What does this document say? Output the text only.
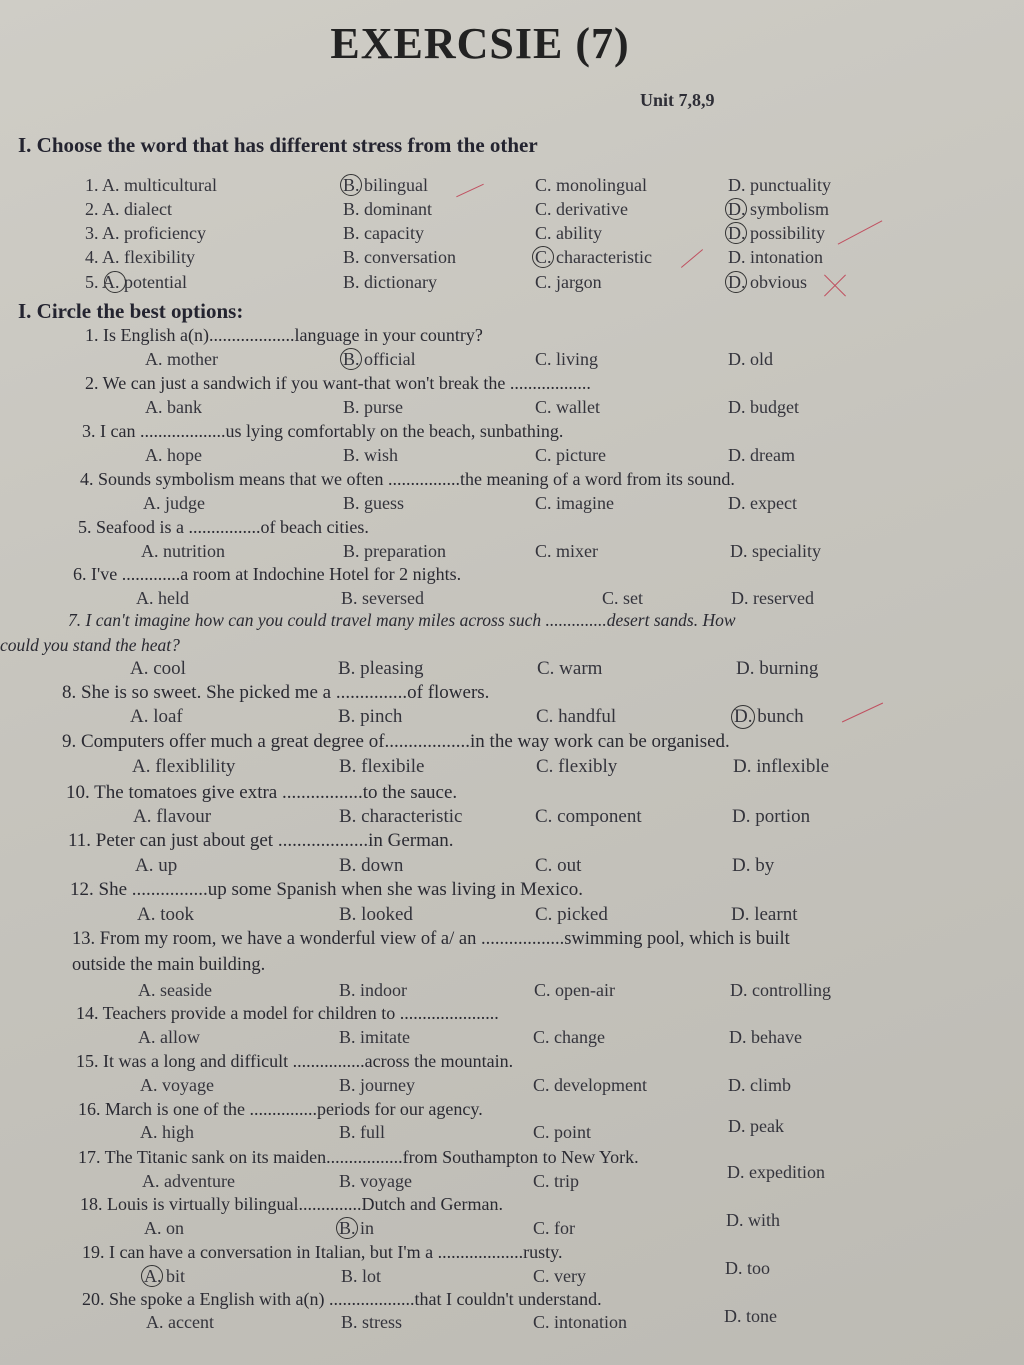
EXERCSIE (7)
Unit 7,8,9
I. Choose the word that has different stress from the other
1. A. multicultural	B. bilingual	C. monolingual	D. punctuality
2. A. dialect	B. dominant	C. derivative	D. symbolism
3. A. proficiency	B. capacity	C. ability	D. possibility
4. A. flexibility	B. conversation	C. characteristic	D. intonation
5. A. potential	B. dictionary	C. jargon	D. obvious
I. Circle the best options:
1. Is English a(n)...................language in your country?
A. mother	B. official	C. living	D. old
2. We can just a sandwich if you want-that won't break the ..................
A. bank	B. purse	C. wallet	D. budget
3. I can ...................us lying comfortably on the beach, sunbathing.
A. hope	B. wish	C. picture	D. dream
4. Sounds symbolism means that we often ................the meaning of a word from its sound.
A. judge	B. guess	C. imagine	D. expect
5. Seafood is a ................of beach cities.
A. nutrition	B. preparation	C. mixer	D. speciality
6. I've .............a room at Indochine Hotel for 2 nights.
A. held	B. seversed	C. set	D. reserved
7. I can't imagine how can you could travel many miles across such ..............desert sands. How
could you stand the heat?
A. cool	B. pleasing	C. warm	D. burning
8. She is so sweet. She picked me a ...............of flowers.
A. loaf	B. pinch	C. handful	D. bunch
9. Computers offer much a great degree of..................in the way work can be organised.
A. flexiblility	B. flexibile	C. flexibly	D. inflexible
10. The tomatoes give extra .................to the sauce.
A. flavour	B. characteristic	C. component	D. portion
11. Peter can just about get ...................in German.
A. up	B. down	C. out	D. by
12. She ................up some Spanish when she was living in Mexico.
A. took	B. looked	C. picked	D. learnt
13. From my room, we have a wonderful view of a/ an ..................swimming pool, which is built
outside the main building.
A. seaside	B. indoor	C. open-air	D. controlling
14. Teachers provide a model for children to ......................
A. allow	B. imitate	C. change	D. behave
15. It was a long and difficult ................across the mountain.
A. voyage	B. journey	C. development	D. climb
16. March is one of the ...............periods for our agency.
A. high	B. full	C. point	D. peak
17. The Titanic sank on its maiden.................from Southampton to New York.
A. adventure	B. voyage	C. trip	D. expedition
18. Louis is virtually bilingual..............Dutch and German.
A. on	B. in	C. for	D. with
19. I can have a conversation in Italian, but I'm a ...................rusty.
A. bit	B. lot	C. very	D. too
20. She spoke a English with a(n) ...................that I couldn't understand.
A. accent	B. stress	C. intonation	D. tone
